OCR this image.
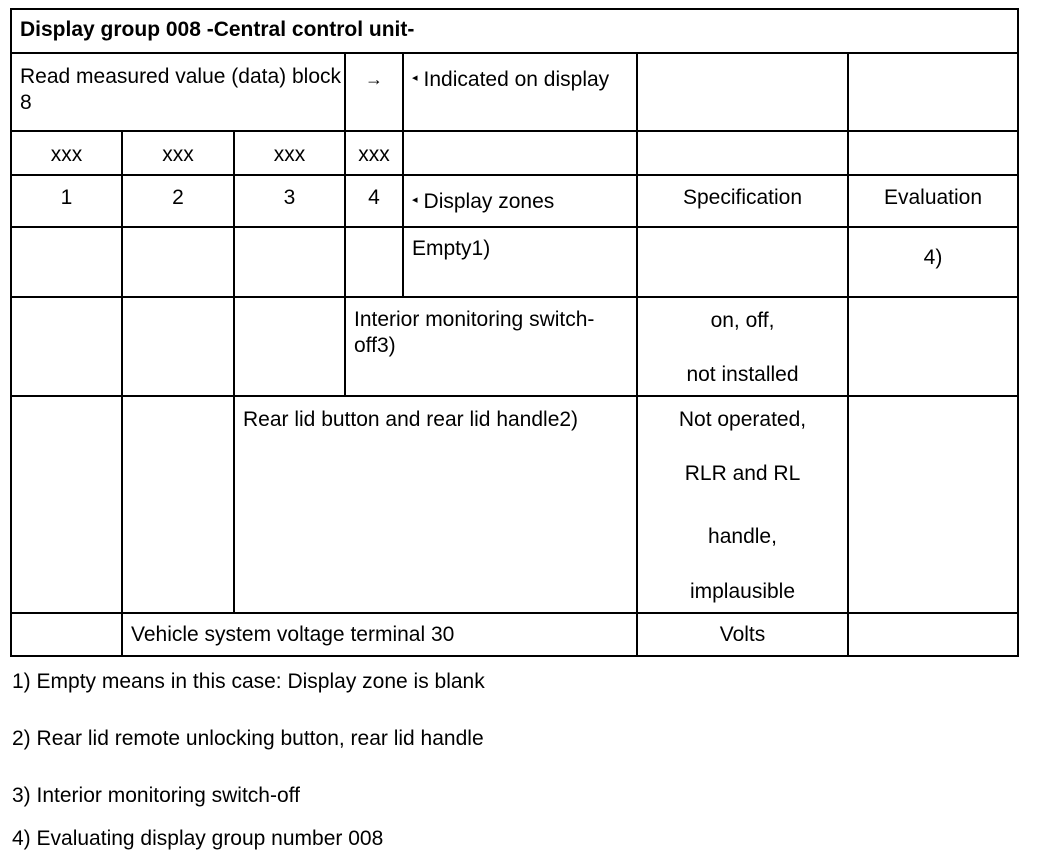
Display group 008 -Central control unit-						
Read measured value (data) block 8			→	◂ Indicated on display		
xxx	xxx	xxx	xxx			
1	2	3	4	◂ Display zones	Specification	Evaluation
				Empty1)		4)
			Interior monitoring switch-off3)		on, off,
not installed	

		Rear lid button and rear lid handle2)			Not operated,
RLR and RL
handle,
implausible	

	Vehicle system voltage terminal 30				Volts	
1) Empty means in this case: Display zone is blank
2) Rear lid remote unlocking button, rear lid handle
3) Interior monitoring switch-off
4) Evaluating display group number 008
